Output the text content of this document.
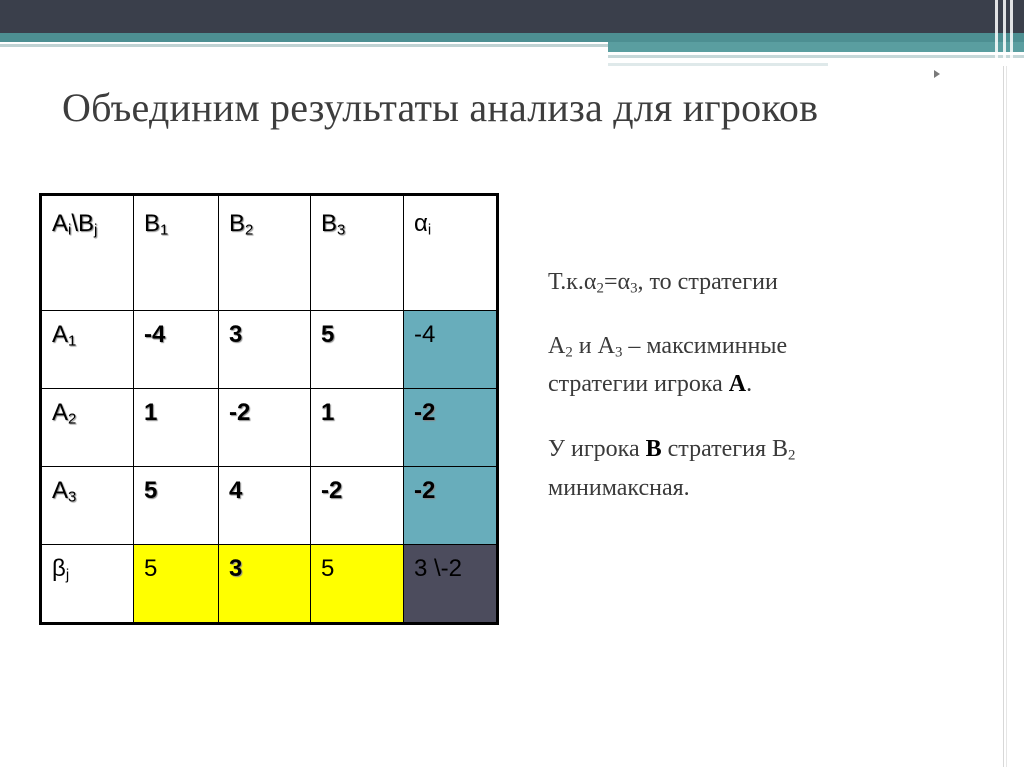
Объединим результаты анализа для игроков
$A_i\backslash B_j$	$B_1$	$B_2$	$B_3$	$\alpha_i$
$A_1$	-4	3	5	-4
$A_2$	1	-2	1	-2
$A_3$	5	4	-2	-2
$\beta_j$	5	3	5	3 \-2
$Т.к.\alpha_2=\alpha_3$, то стратегии
$A_2$ и $A_3$ – максиминные
стратегии игрока A.
У игрока B стратегия $B_2$
минимаксная.
